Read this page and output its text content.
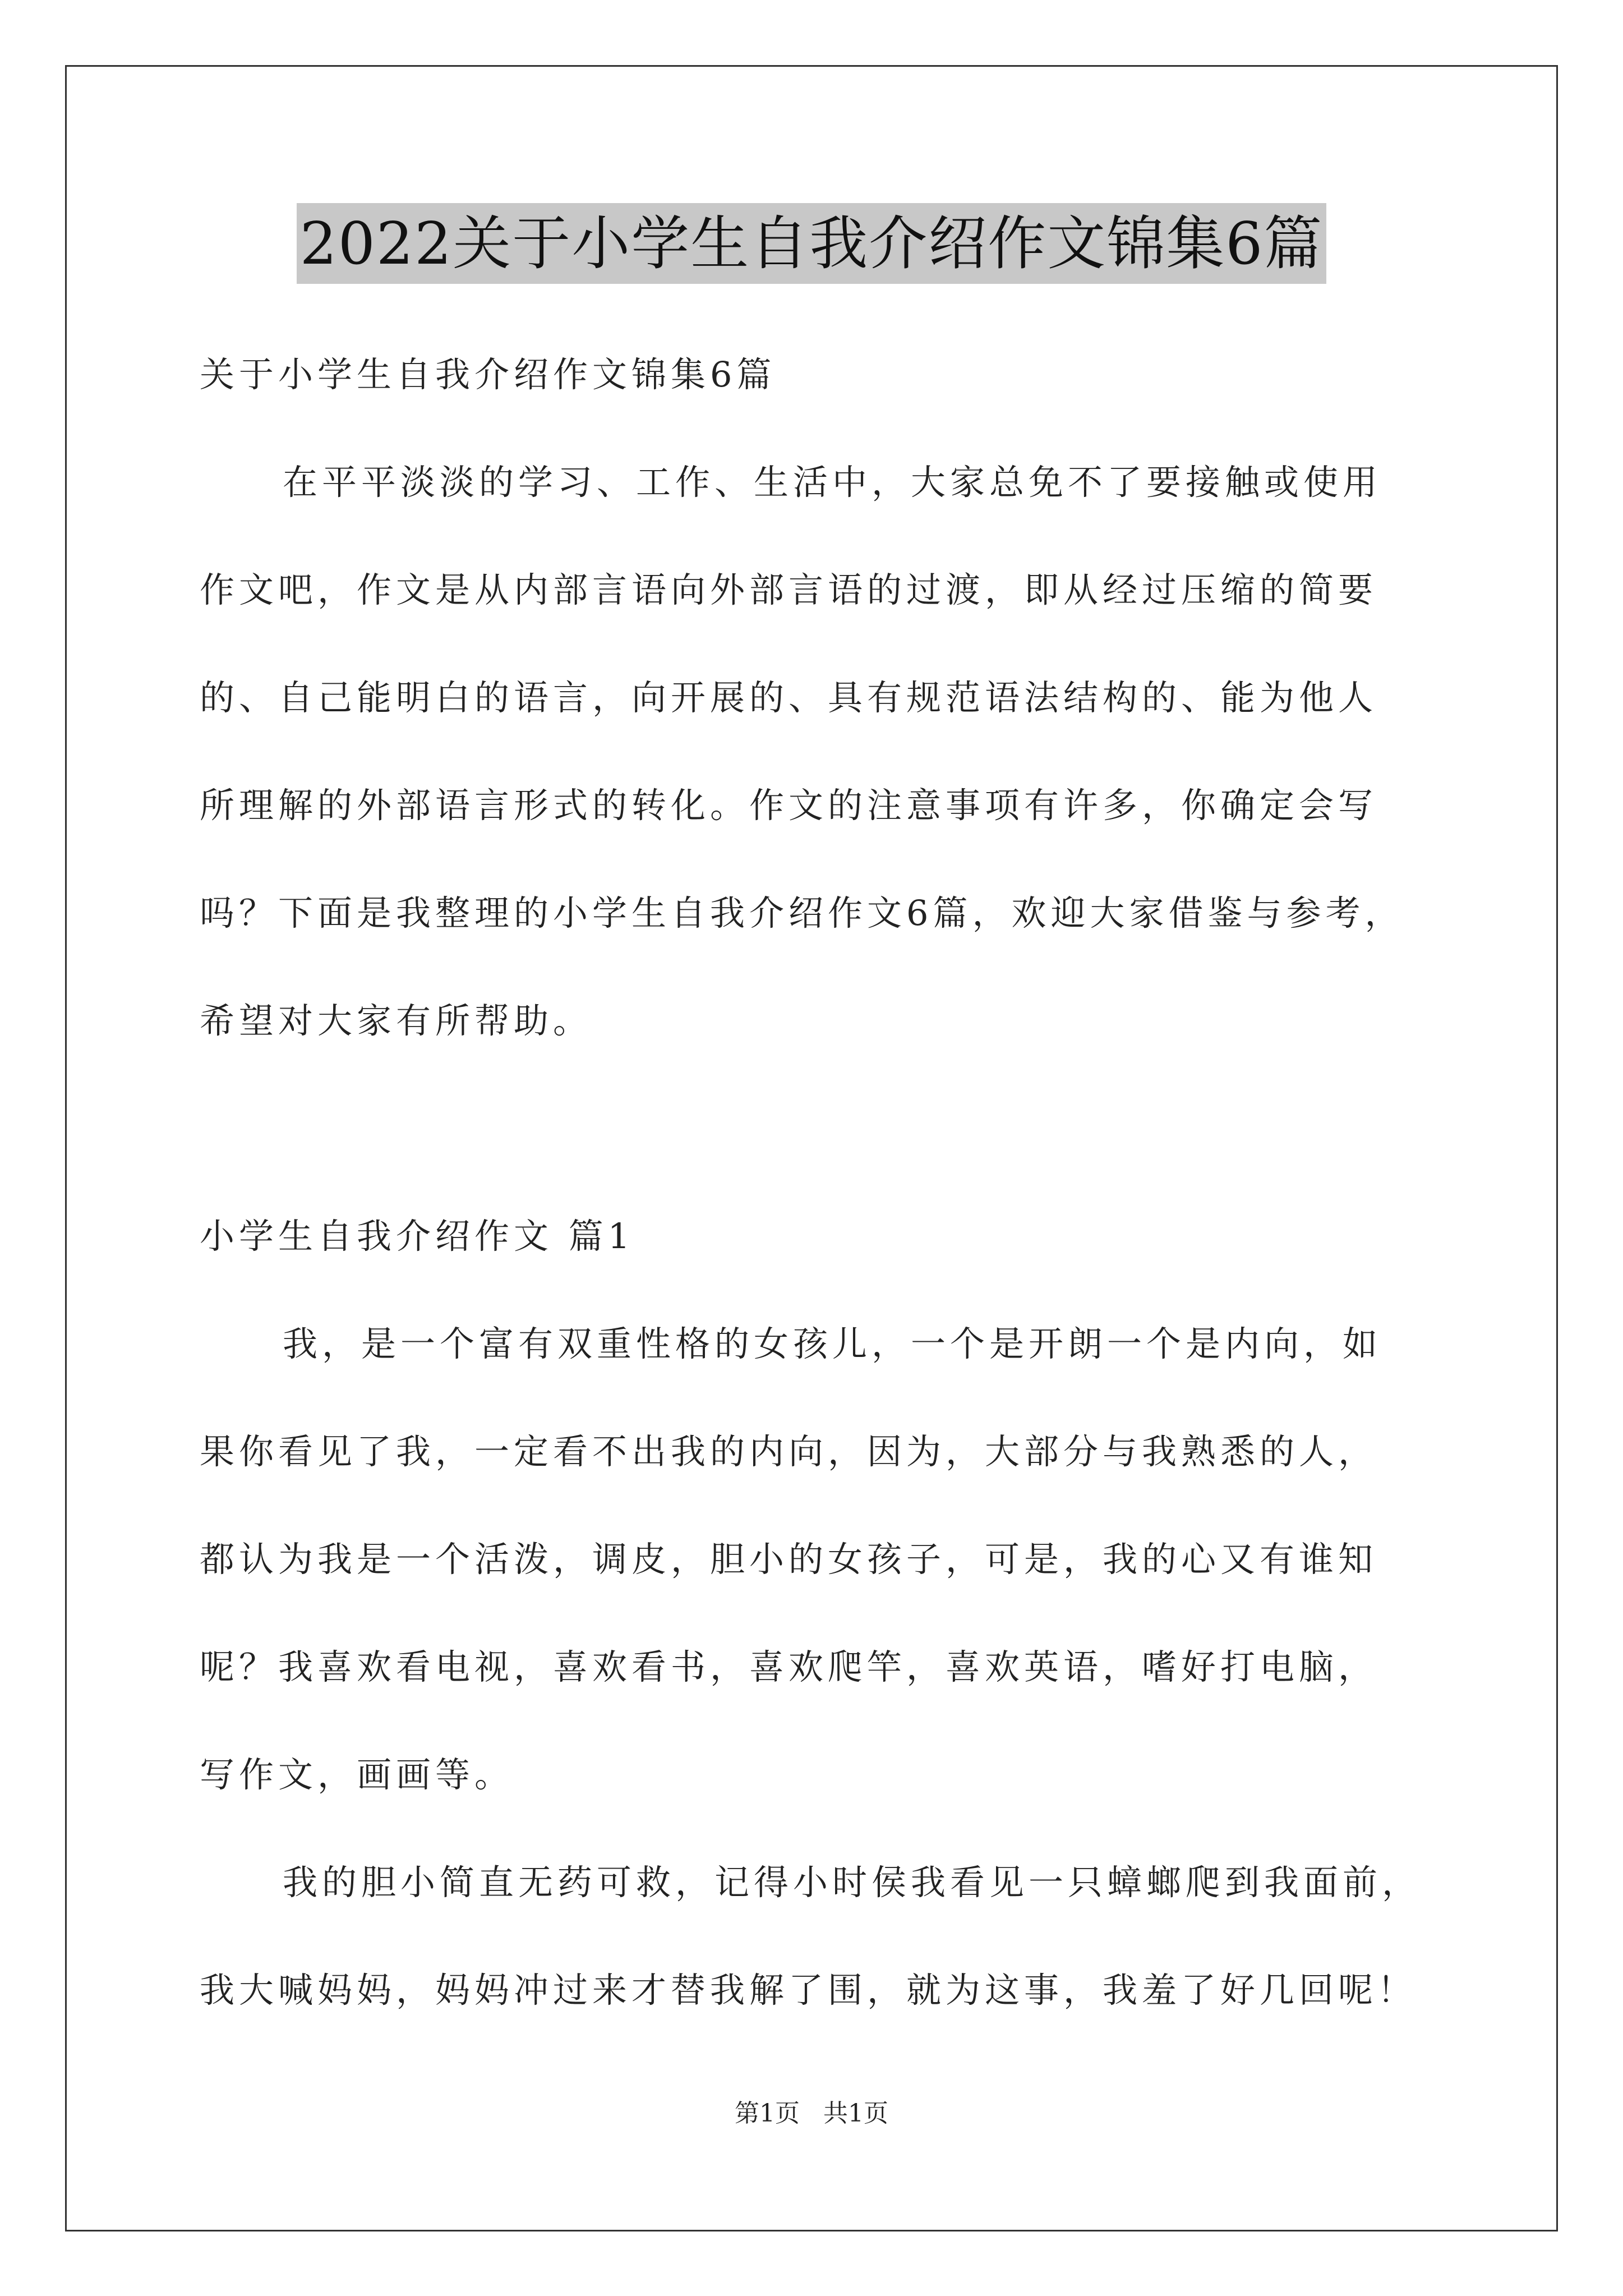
2022关于小学生自我介绍作文锦集6篇
关于小学生自我介绍作文锦集6篇
在平平淡淡的学习、工作、生活中，大家总免不了要接触或使用
作文吧，作文是从内部言语向外部言语的过渡，即从经过压缩的简要
的、自己能明白的语言，向开展的、具有规范语法结构的、能为他人
所理解的外部语言形式的转化。作文的注意事项有许多，你确定会写
吗？下面是我整理的小学生自我介绍作文6篇，欢迎大家借鉴与参考，
希望对大家有所帮助。
小学生自我介绍作文 篇1
我，是一个富有双重性格的女孩儿，一个是开朗一个是内向，如
果你看见了我，一定看不出我的内向，因为，大部分与我熟悉的人，
都认为我是一个活泼，调皮，胆小的女孩子，可是，我的心又有谁知
呢？我喜欢看电视，喜欢看书，喜欢爬竿，喜欢英语，嗜好打电脑，
写作文，画画等。
我的胆小简直无药可救，记得小时侯我看见一只蟑螂爬到我面前，
我大喊妈妈，妈妈冲过来才替我解了围，就为这事，我羞了好几回呢！
第1页   共1页
